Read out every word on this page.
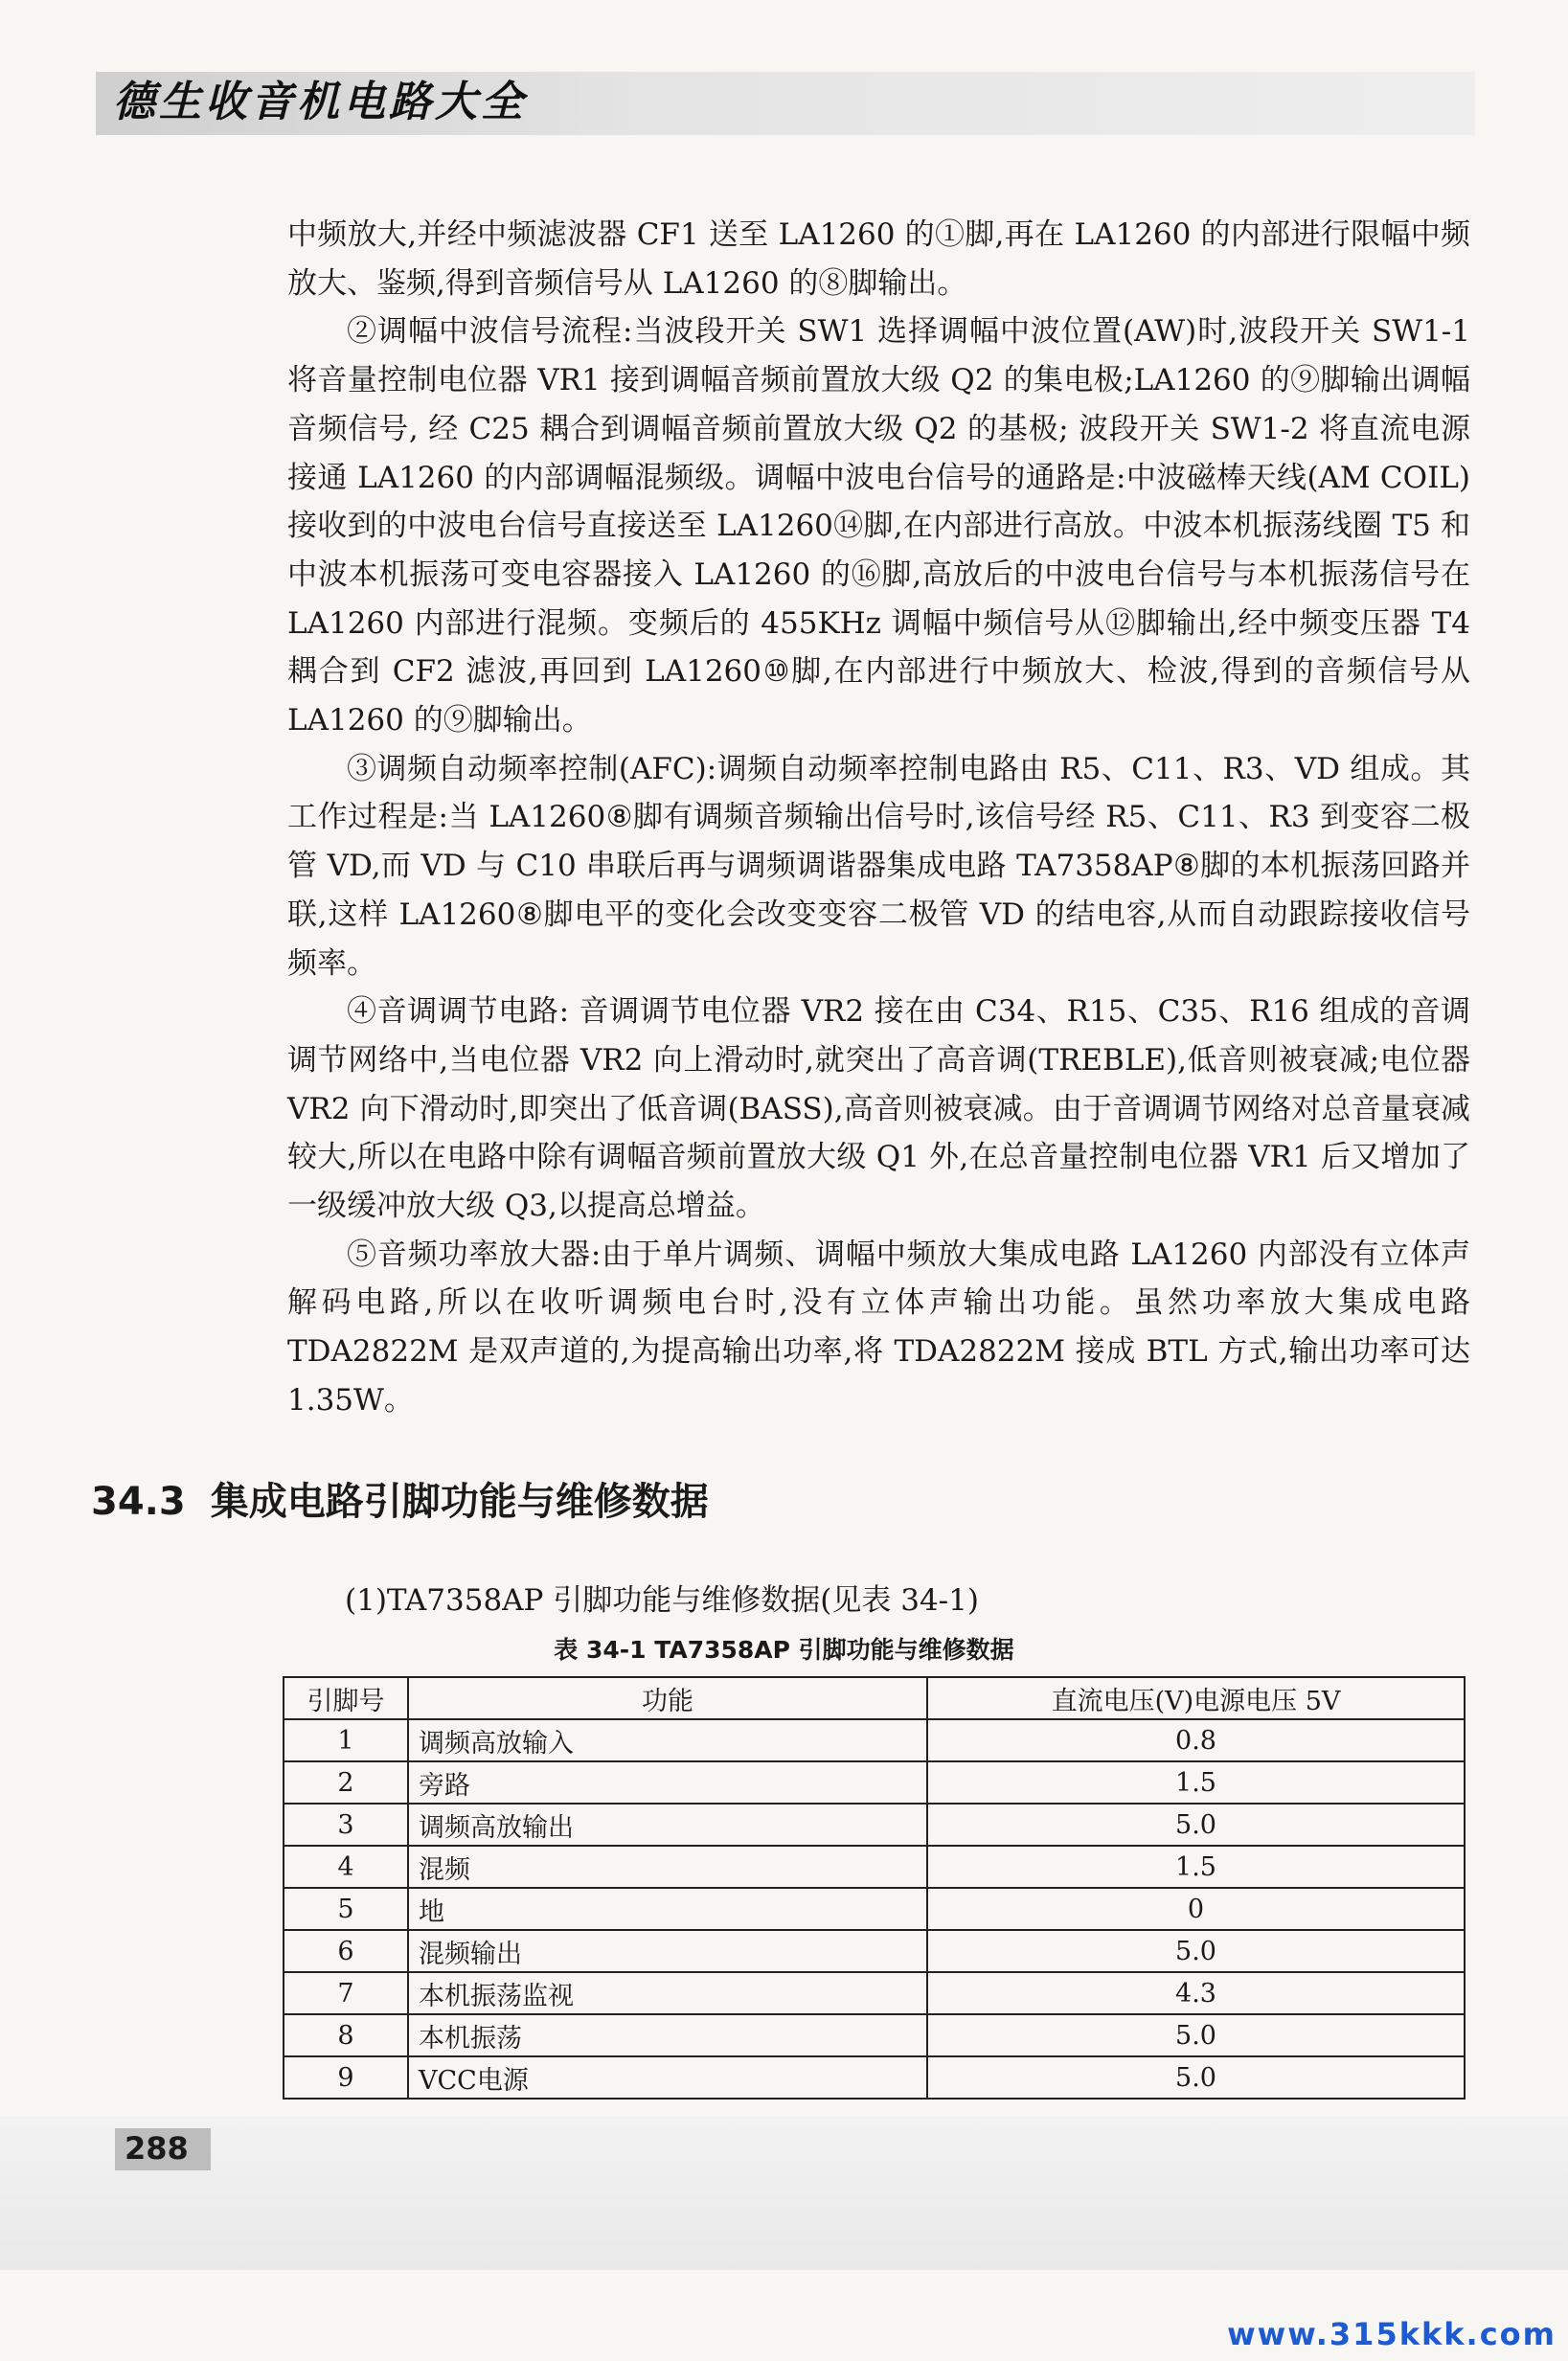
德生收音机电路大全

中频放大,并经中频滤波器 CF1 送至 LA1260 的①脚,再在 LA1260 的内部进行限幅中频放大、鉴频,得到音频信号从 LA1260 的⑧脚输出。

②调幅中波信号流程:当波段开关 SW1 选择调幅中波位置(AW)时,波段开关 SW1-1 将音量控制电位器 VR1 接到调幅音频前置放大级 Q2 的集电极;LA1260 的⑨脚输出调幅音频信号, 经 C25 耦合到调幅音频前置放大级 Q2 的基极; 波段开关 SW1-2 将直流电源接通 LA1260 的内部调幅混频级。调幅中波电台信号的通路是:中波磁棒天线(AM COIL)接收到的中波电台信号直接送至 LA1260⑭脚,在内部进行高放。中波本机振荡线圈 T5 和中波本机振荡可变电容器接入 LA1260 的⑯脚,高放后的中波电台信号与本机振荡信号在 LA1260 内部进行混频。变频后的 455KHz 调幅中频信号从⑫脚输出,经中频变压器 T4 耦合到 CF2 滤波,再回到 LA1260⑩脚,在内部进行中频放大、检波,得到的音频信号从 LA1260 的⑨脚输出。

③调频自动频率控制(AFC):调频自动频率控制电路由 R5、C11、R3、VD 组成。其工作过程是:当 LA1260⑧脚有调频音频输出信号时,该信号经 R5、C11、R3 到变容二极管 VD,而 VD 与 C10 串联后再与调频调谐器集成电路 TA7358AP⑧脚的本机振荡回路并联,这样 LA1260⑧脚电平的变化会改变变容二极管 VD 的结电容,从而自动跟踪接收信号频率。

④音调调节电路: 音调调节电位器 VR2 接在由 C34、R15、C35、R16 组成的音调调节网络中,当电位器 VR2 向上滑动时,就突出了高音调(TREBLE),低音则被衰减;电位器 VR2 向下滑动时,即突出了低音调(BASS),高音则被衰减。由于音调调节网络对总音量衰减较大,所以在电路中除有调幅音频前置放大级 Q1 外,在总音量控制电位器 VR1 后又增加了一级缓冲放大级 Q3,以提高总增益。

⑤音频功率放大器:由于单片调频、调幅中频放大集成电路 LA1260 内部没有立体声解码电路,所以在收听调频电台时,没有立体声输出功能。虽然功率放大集成电路 TDA2822M 是双声道的,为提高输出功率,将 TDA2822M 接成 BTL 方式,输出功率可达 1.35W。

34.3 集成电路引脚功能与维修数据
(1)TA7358AP 引脚功能与维修数据(见表 34-1)
表 34-1 TA7358AP 引脚功能与维修数据
引脚号	功能	直流电压(V)电源电压 5V
1	调频高放输入	0.8
2	旁路	1.5
3	调频高放输出	5.0
4	混频	1.5
5	地	0
6	混频输出	5.0
7	本机振荡监视	4.3
8	本机振荡	5.0
9	VCC电源	5.0
288
www.315kkk.com
